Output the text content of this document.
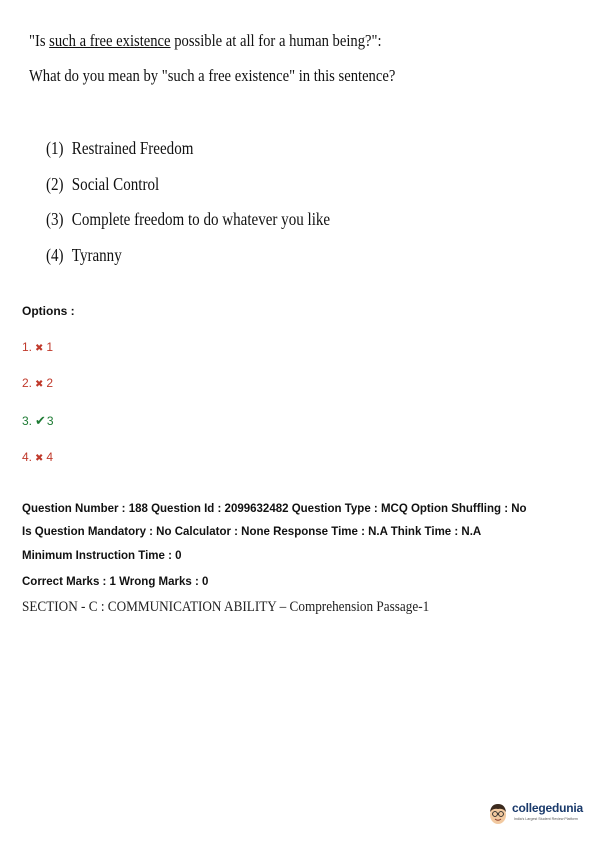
"Is such a free existence possible at all for a human being?":
What do you mean by "such a free existence" in this sentence?
(1) Restrained Freedom
(2) Social Control
(3) Complete freedom to do whatever you like
(4) Tyranny
Options :
1. ✖ 1
2. ✖ 2
3. ✔3
4. ✖ 4
Question Number : 188 Question Id : 2099632482 Question Type : MCQ Option Shuffling : No
Is Question Mandatory : No Calculator : None Response Time : N.A Think Time : N.A
Minimum Instruction Time : 0
Correct Marks : 1 Wrong Marks : 0
SECTION - C : COMMUNICATION ABILITY – Comprehension Passage-1
collegedunia
India's Largest Student Review Platform
